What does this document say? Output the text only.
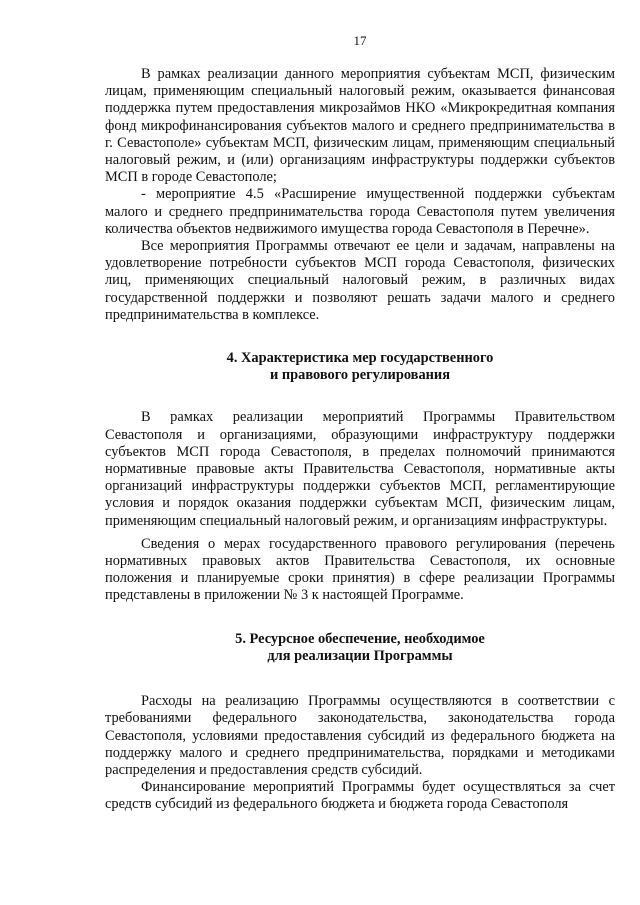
17

В рамках реализации данного мероприятия субъектам МСП, физическим лицам, применяющим специальный налоговый режим, оказывается финансовая поддержка путем предоставления микрозаймов НКО «Микрокредитная компания фонд микрофинансирования субъектов малого и среднего предпринимательства в г. Севастополе» субъектам МСП, физическим лицам, применяющим специальный налоговый режим, и (или) организациям инфраструктуры поддержки субъектов МСП в городе Севастополе;

- мероприятие 4.5 «Расширение имущественной поддержки субъектам малого и среднего предпринимательства города Севастополя путем увеличения количества объектов недвижимого имущества города Севастополя в Перечне».

Все мероприятия Программы отвечают ее цели и задачам, направлены на удовлетворение потребности субъектов МСП города Севастополя, физических лиц, применяющих специальный налоговый режим, в различных видах государственной поддержки и позволяют решать задачи малого и среднего предпринимательства в комплексе.

4. Характеристика мер государственного
и правового регулирования

В рамках реализации мероприятий Программы Правительством Севастополя и организациями, образующими инфраструктуру поддержки субъектов МСП города Севастополя, в пределах полномочий принимаются нормативные правовые акты Правительства Севастополя, нормативные акты организаций инфраструктуры поддержки субъектов МСП, регламентирующие условия и порядок оказания поддержки субъектам МСП, физическим лицам, применяющим специальный налоговый режим, и организациям инфраструктуры.

Сведения о мерах государственного правового регулирования (перечень нормативных правовых актов Правительства Севастополя, их основные положения и планируемые сроки принятия) в сфере реализации Программы представлены в приложении № 3 к настоящей Программе.

5. Ресурсное обеспечение, необходимое
для реализации Программы

Расходы на реализацию Программы осуществляются в соответствии с требованиями федерального законодательства, законодательства города Севастополя, условиями предоставления субсидий из федерального бюджета на поддержку малого и среднего предпринимательства, порядками и методиками распределения и предоставления средств субсидий.

Финансирование мероприятий Программы будет осуществляться за счет средств субсидий из федерального бюджета и бюджета города Севастополя
